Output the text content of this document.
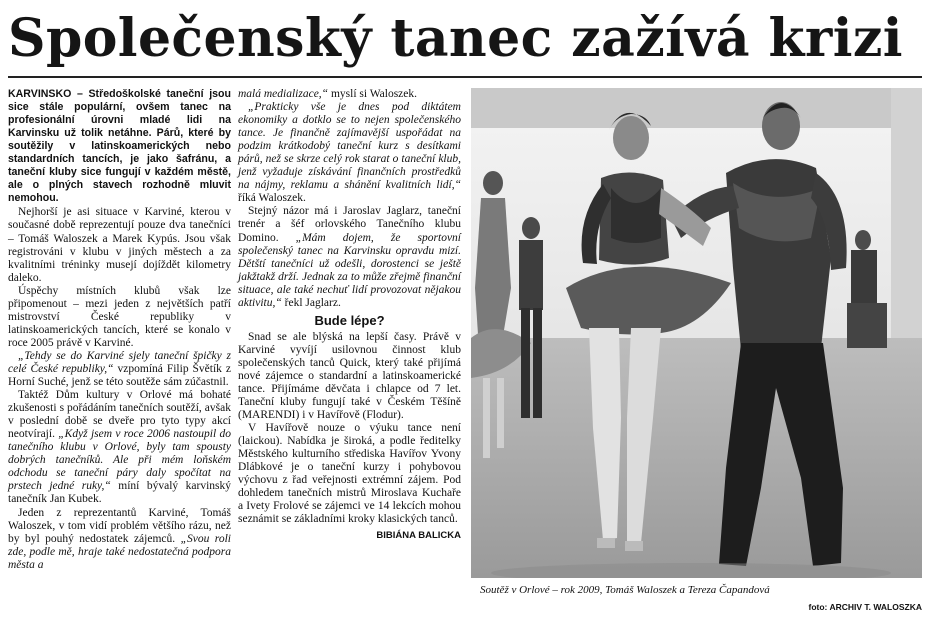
Společenský tanec zažívá krizi

KARVINSKO – Středoškolské taneční jsou sice stále populární, ovšem tanec na profesionální úrovni mladé lidi na Karvinsku už tolik netáhne. Párů, které by soutěžily v latinskoamerických nebo standardních tancích, je jako šafránu, a taneční kluby sice fungují v každém městě, ale o plných stavech rozhodně mluvit nemohou.

Nejhorší je asi situace v Karviné, kterou v současné době reprezentují pouze dva tanečníci – Tomáš Waloszek a Marek Kypús. Jsou však registrováni v klubu v jiných městech a za kvalitními tréninky musejí dojíždět kilometry daleko.

Úspěchy místních klubů však lze připomenout – mezi jeden z největších patří mistrovství České republiky v latinskoamerických tancích, které se konalo v roce 2005 právě v Karviné.

„Tehdy se do Karviné sjely taneční špičky z celé České republiky,“ vzpomíná Filip Švětík z Horní Suché, jenž se této soutěže sám zúčastnil.

Taktéž Dům kultury v Orlové má bohaté zkušenosti s pořádáním tanečních soutěží, avšak v poslední době se dveře pro tyto typy akcí neotvírají. „Když jsem v roce 2006 nastoupil do tanečního klubu v Orlové, byly tam spousty dobrých tanečníků. Ale při mém loňském odchodu se taneční páry daly spočítat na prstech jedné ruky,“ míní bývalý karvinský tanečník Jan Kubek.

Jeden z reprezentantů Karviné, Tomáš Waloszek, v tom vidí problém většího rázu, než by byl pouhý nedostatek zájemců. „Svou roli zde, podle mě, hraje také nedostatečná podpora města a

malá medializace,“ myslí si Waloszek.

„Prakticky vše je dnes pod diktátem ekonomiky a dotklo se to nejen společenského tance. Je finančně zajímavější uspořádat na podzim krátkodobý taneční kurz s desítkami párů, než se skrze celý rok starat o taneční klub, jenž vyžaduje získávání finančních prostředků na nájmy, reklamu a shánění kvalitních lidí,“ říká Waloszek.

Stejný názor má i Jaroslav Jaglarz, taneční trenér a šéf orlovského Tanečního klubu Domino. „Mám dojem, že sportovní společenský tanec na Karvinsku opravdu mizí. Dětští tanečníci už odešli, dorostenci se ještě jakžtakž drží. Jednak za to může zřejmě finanční situace, ale také nechuť lidí provozovat nějakou aktivitu,“ řekl Jaglarz.

Bude lépe?

Snad se ale blýská na lepší časy. Právě v Karviné vyvíjí usilovnou činnost klub společenských tanců Quick, který také přijímá nové zájemce o standardní a latinskoamerické tance. Přijímáme děvčata i chlapce od 7 let. Taneční kluby fungují také v Českém Těšíně (MARENDI) i v Havířově (Flodur).

V Havířově nouze o výuku tance není (laickou). Nabídka je široká, a podle ředitelky Městského kulturního střediska Havířov Yvony Dlábkové je o taneční kurzy i pohybovou výchovu z řad veřejnosti extrémní zájem. Pod dohledem tanečních mistrů Miroslava Kuchaře a Ivety Frolové se zájemci ve 14 lekcích mohou seznámit se základními kroky klasických tanců.

BIBIÁNA BALICKA
Soutěž v Orlové – rok 2009, Tomáš Waloszek a Tereza Čapandová
foto: ARCHIV T. WALOSZKA
